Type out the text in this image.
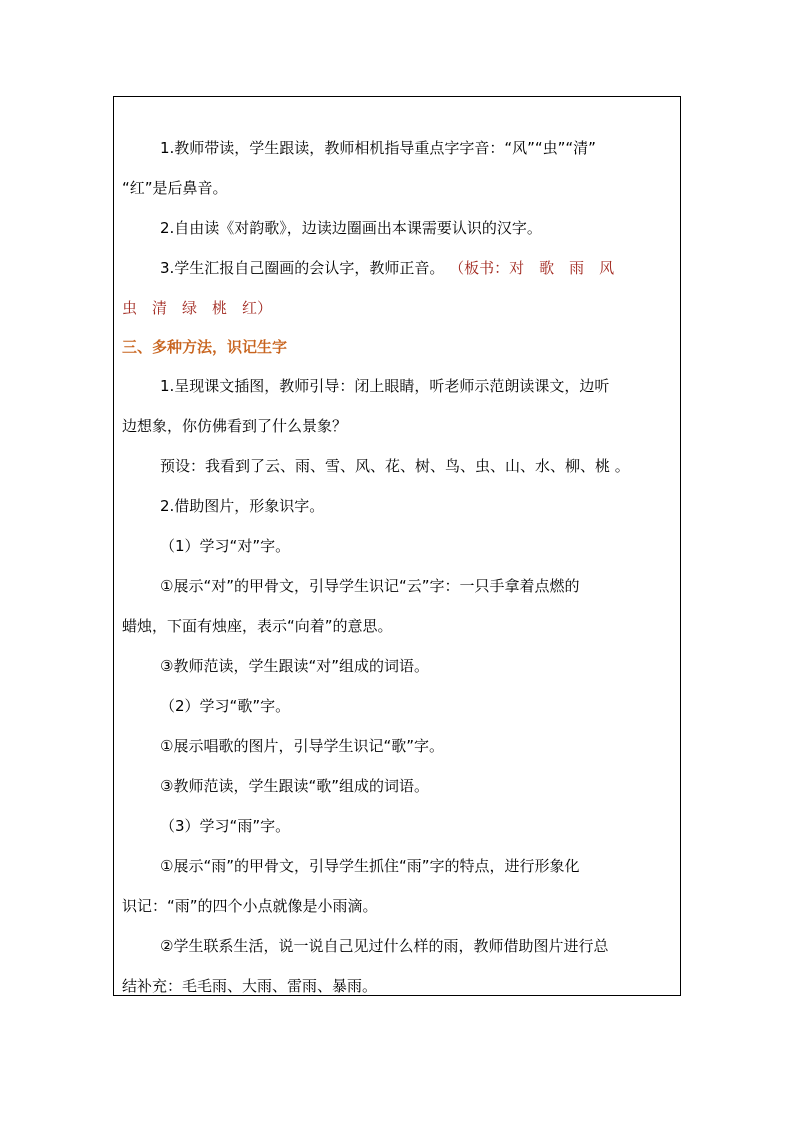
1.教师带读，学生跟读，教师相机指导重点字字音：“风”“虫”“清”
“红”是后鼻音。
2.自由读《对韵歌》，边读边圈画出本课需要认识的汉字。
3.学生汇报自己圈画的会认字，教师正音。 （板书：对　歌　雨　风
虫　清　绿　桃　红）
三、多种方法，识记生字
1.呈现课文插图，教师引导：闭上眼睛，听老师示范朗读课文，边听
边想象，你仿佛看到了什么景象？
预设：我看到了云、雨、雪、风、花、树、鸟、虫、山、水、柳、桃 。
2.借助图片，形象识字。
（1）学习“对”字。
①展示“对”的甲骨文，引导学生识记“云”字：一只手拿着点燃的
蜡烛，下面有烛座，表示“向着”的意思。
③教师范读，学生跟读“对”组成的词语。
（2）学习“歌”字。
①展示唱歌的图片，引导学生识记“歌”字。
③教师范读，学生跟读“歌”组成的词语。
（3）学习“雨”字。
①展示“雨”的甲骨文，引导学生抓住“雨”字的特点，进行形象化
识记：“雨”的四个小点就像是小雨滴。
②学生联系生活，说一说自己见过什么样的雨，教师借助图片进行总
结补充：毛毛雨、大雨、雷雨、暴雨。
